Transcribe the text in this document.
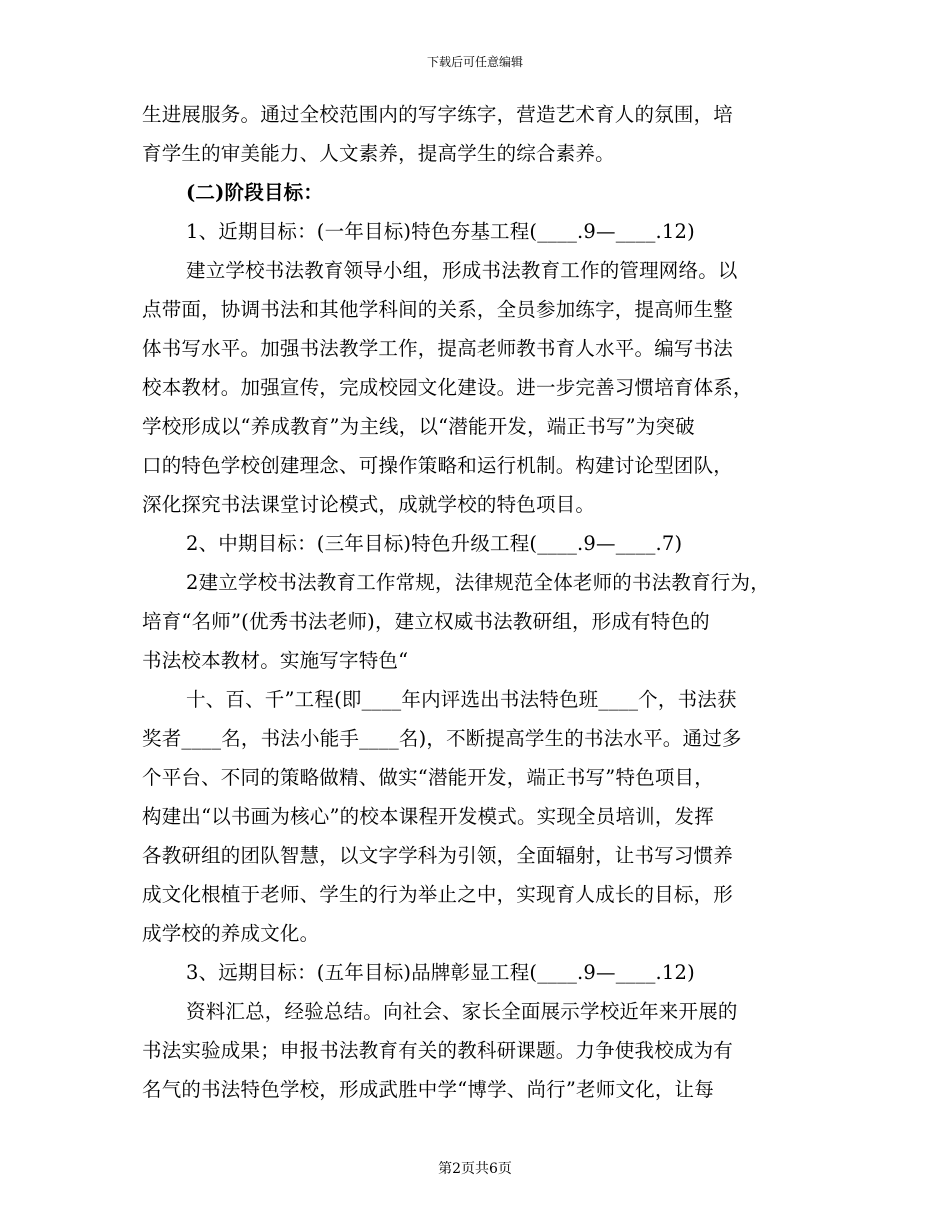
下载后可任意编辑
生进展服务。通过全校范围内的写字练字，营造艺术育人的氛围，培
育学生的审美能力、人文素养，提高学生的综合素养。
(二)阶段目标：
1、近期目标：(一年目标)特色夯基工程(____.9—____.12)
建立学校书法教育领导小组，形成书法教育工作的管理网络。以
点带面，协调书法和其他学科间的关系，全员参加练字，提高师生整
体书写水平。加强书法教学工作，提高老师教书育人水平。编写书法
校本教材。加强宣传，完成校园文化建设。进一步完善习惯培育体系，
学校形成以“养成教育”为主线，以“潜能开发，端正书写”为突破
口的特色学校创建理念、可操作策略和运行机制。构建讨论型团队，
深化探究书法课堂讨论模式，成就学校的特色项目。
2、中期目标：(三年目标)特色升级工程(____.9—____.7)
2建立学校书法教育工作常规，法律规范全体老师的书法教育行为，
培育“名师”(优秀书法老师)，建立权威书法教研组，形成有特色的
书法校本教材。实施写字特色“
十、百、千”工程(即____年内评选出书法特色班____个，书法获
奖者____名，书法小能手____名)，不断提高学生的书法水平。通过多
个平台、不同的策略做精、做实“潜能开发，端正书写”特色项目，
构建出“以书画为核心”的校本课程开发模式。实现全员培训，发挥
各教研组的团队智慧，以文字学科为引领，全面辐射，让书写习惯养
成文化根植于老师、学生的行为举止之中，实现育人成长的目标，形
成学校的养成文化。
3、远期目标：(五年目标)品牌彰显工程(____.9—____.12)
资料汇总，经验总结。向社会、家长全面展示学校近年来开展的
书法实验成果；申报书法教育有关的教科研课题。力争使我校成为有
名气的书法特色学校，形成武胜中学“博学、尚行”老师文化，让每
第2页共6页
